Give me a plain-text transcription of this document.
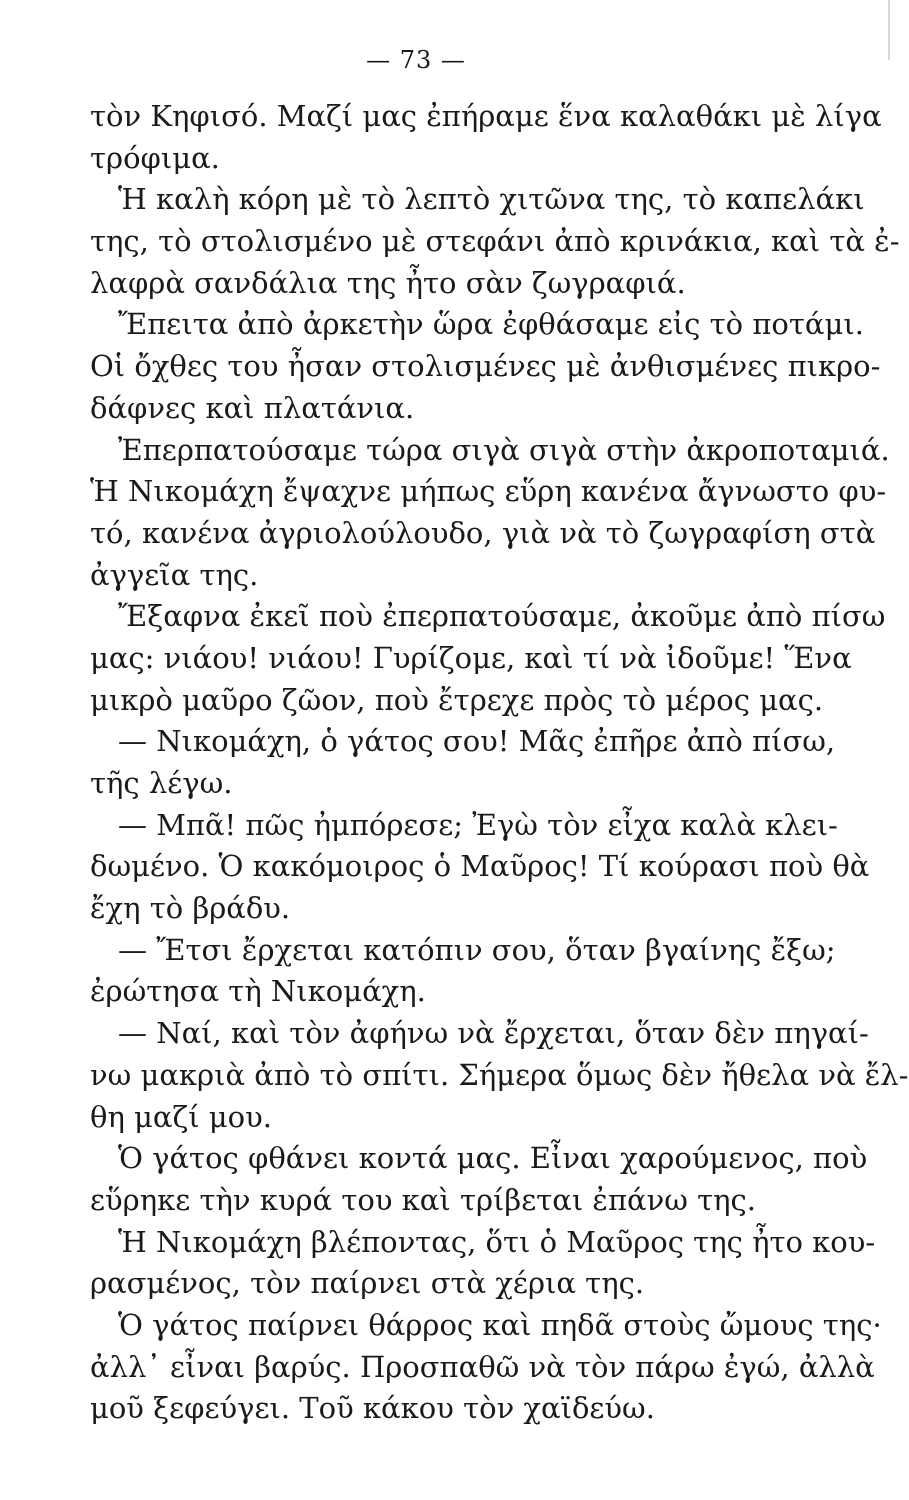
— 73 —
τὸν Κηφισό. Μαζί μας ἐπήραμε ἕνα καλαθάκι μὲ λίγα
τρόφιμα.
Ἡ καλὴ κόρη μὲ τὸ λεπτὸ χιτῶνα της, τὸ καπελάκι
της, τὸ στολισμένο μὲ στεφάνι ἀπὸ κρινάκια, καὶ τὰ ἐ-
λαφρὰ σανδάλια της ἦτο σὰν ζωγραφιά.
Ἔπειτα ἀπὸ ἀρκετὴν ὥρα ἐφθάσαμε εἰς τὸ ποτάμι.
Οἱ ὄχθες του ἦσαν στολισμένες μὲ ἀνθισμένες πικρο-
δάφνες καὶ πλατάνια.
Ἐπερπατούσαμε τώρα σιγὰ σιγὰ στὴν ἀκροποταμιά.
Ἡ Νικομάχη ἔψαχνε μήπως εὕρη κανένα ἄγνωστο φυ-
τό, κανένα ἀγριολούλουδο, γιὰ νὰ τὸ ζωγραφίση στὰ
ἀγγεῖα της.
Ἔξαφνα ἐκεῖ ποὺ ἐπερπατούσαμε, ἀκοῦμε ἀπὸ πίσω
μας: νιάου! νιάου! Γυρίζομε, καὶ τί νὰ ἰδοῦμε! Ἕνα
μικρὸ μαῦρο ζῶον, ποὺ ἔτρεχε πρὸς τὸ μέρος μας.
— Νικομάχη, ὁ γάτος σου! Μᾶς ἐπῆρε ἀπὸ πίσω,
τῆς λέγω.
— Μπᾶ! πῶς ἠμπόρεσε; Ἐγὼ τὸν εἶχα καλὰ κλει-
δωμένο. Ὁ κακόμοιρος ὁ Μαῦρος! Τί κούρασι ποὺ θὰ
ἔχη τὸ βράδυ.
— Ἔτσι ἔρχεται κατόπιν σου, ὅταν βγαίνης ἔξω;
ἐρώτησα τὴ Νικομάχη.
— Ναί, καὶ τὸν ἀφήνω νὰ ἔρχεται, ὅταν δὲν πηγαί-
νω μακριὰ ἀπὸ τὸ σπίτι. Σήμερα ὅμως δὲν ἤθελα νὰ ἔλ-
θη μαζί μου.
Ὁ γάτος φθάνει κοντά μας. Εἶναι χαρούμενος, ποὺ
εὕρηκε τὴν κυρά του καὶ τρίβεται ἐπάνω της.
Ἡ Νικομάχη βλέποντας, ὅτι ὁ Μαῦρος της ἦτο κου-
ρασμένος, τὸν παίρνει στὰ χέρια της.
Ὁ γάτος παίρνει θάρρος καὶ πηδᾶ στοὺς ὤμους της·
ἀλλ᾿ εἶναι βαρύς. Προσπαθῶ νὰ τὸν πάρω ἐγώ, ἀλλὰ
μοῦ ξεφεύγει. Τοῦ κάκου τὸν χαϊδεύω.
